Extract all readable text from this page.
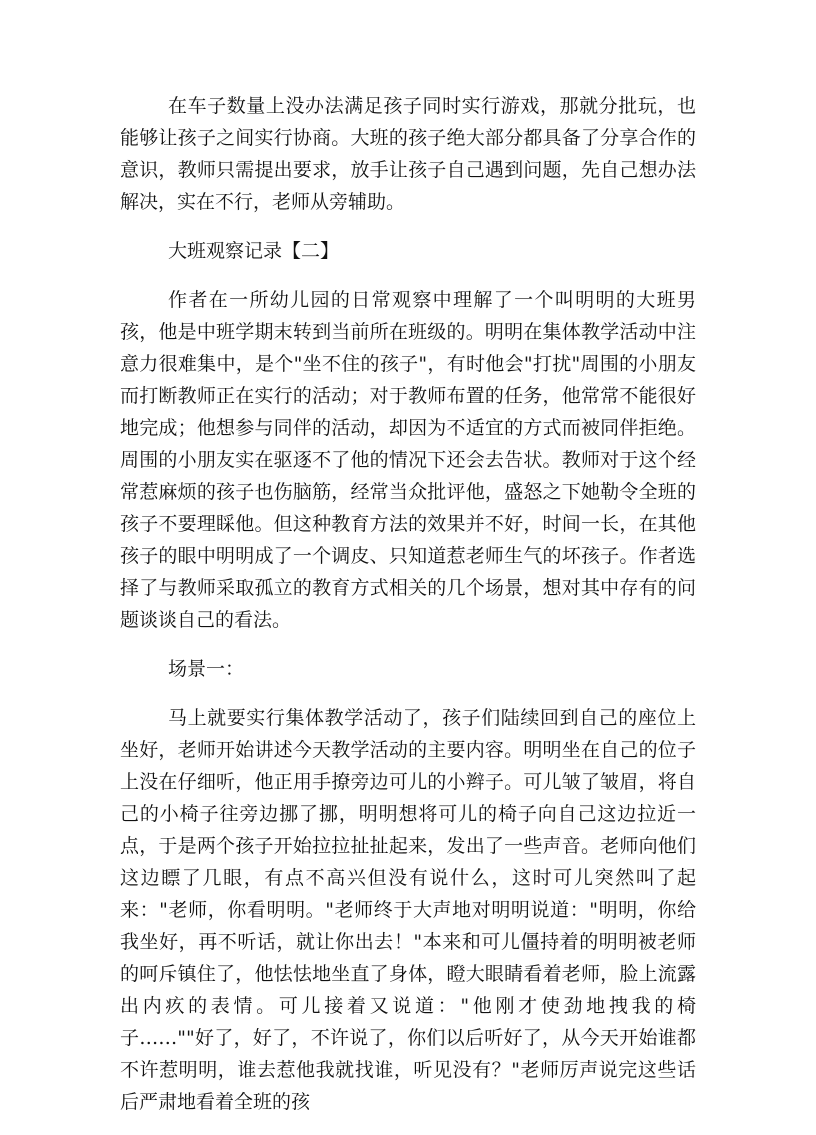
在车子数量上没办法满足孩子同时实行游戏，那就分批玩，也能够让孩子之间实行协商。大班的孩子绝大部分都具备了分享合作的意识，教师只需提出要求，放手让孩子自己遇到问题，先自己想办法解决，实在不行，老师从旁辅助。

大班观察记录【二】

作者在一所幼儿园的日常观察中理解了一个叫明明的大班男孩，他是中班学期末转到当前所在班级的。明明在集体教学活动中注意力很难集中，是个"坐不住的孩子"，有时他会"打扰"周围的小朋友而打断教师正在实行的活动；对于教师布置的任务，他常常不能很好地完成；他想参与同伴的活动，却因为不适宜的方式而被同伴拒绝。周围的小朋友实在驱逐不了他的情况下还会去告状。教师对于这个经常惹麻烦的孩子也伤脑筋，经常当众批评他，盛怒之下她勒令全班的孩子不要理睬他。但这种教育方法的效果并不好，时间一长，在其他孩子的眼中明明成了一个调皮、只知道惹老师生气的坏孩子。作者选择了与教师采取孤立的教育方式相关的几个场景，想对其中存有的问题谈谈自己的看法。

场景一：

马上就要实行集体教学活动了，孩子们陆续回到自己的座位上坐好，老师开始讲述今天教学活动的主要内容。明明坐在自己的位子上没在仔细听，他正用手撩旁边可儿的小辫子。可儿皱了皱眉，将自己的小椅子往旁边挪了挪，明明想将可儿的椅子向自己这边拉近一点，于是两个孩子开始拉拉扯扯起来，发出了一些声音。老师向他们这边瞟了几眼，有点不高兴但没有说什么，这时可儿突然叫了起来："老师，你看明明。"老师终于大声地对明明说道："明明，你给我坐好，再不听话，就让你出去！"本来和可儿僵持着的明明被老师的呵斥镇住了，他怯怯地坐直了身体，瞪大眼睛看着老师，脸上流露出内疚的表情。可儿接着又说道："他刚才使劲地拽我的椅子……""好了，好了，不许说了，你们以后听好了，从今天开始谁都不许惹明明，谁去惹他我就找谁，听见没有？"老师厉声说完这些话后严肃地看着全班的孩
